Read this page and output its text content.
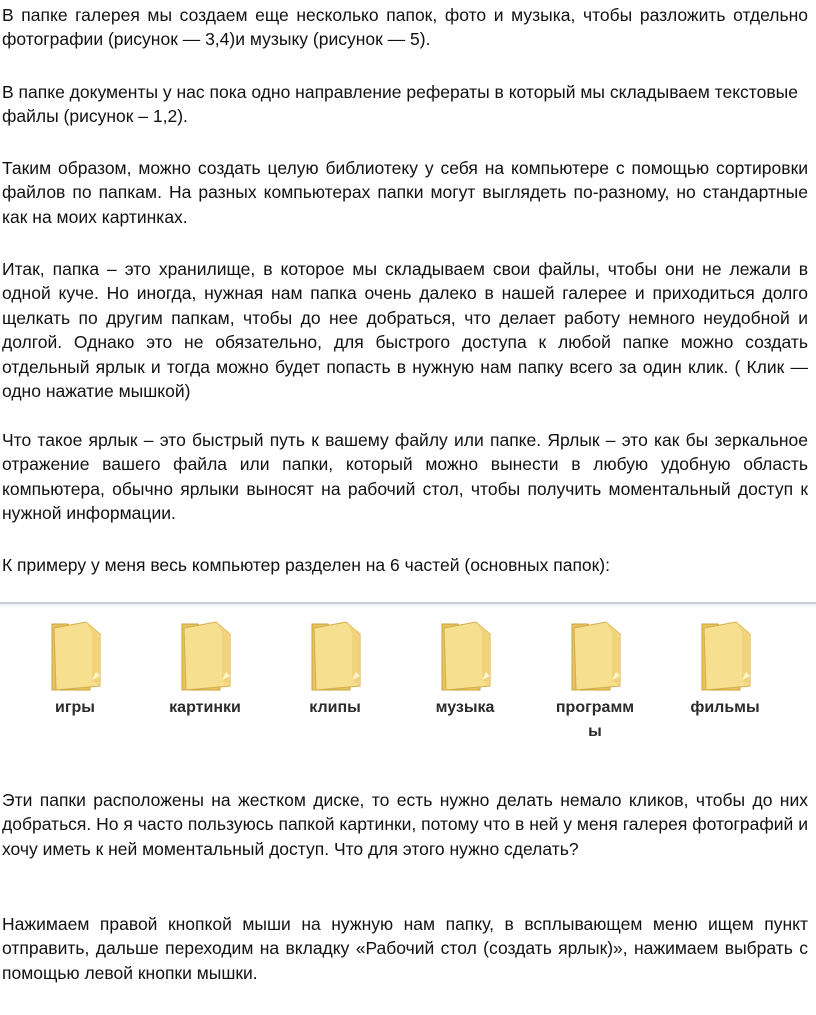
В папке галерея мы создаем еще несколько папок, фото и музыка, чтобы разложить отдельно фотографии (рисунок — 3,4)и музыку (рисунок — 5).

В папке документы у нас пока одно направление рефераты в который мы складываем текстовые файлы (рисунок – 1,2).

Таким образом, можно создать целую библиотеку у себя на компьютере с помощью сортировки файлов по папкам. На разных компьютерах папки могут выглядеть по-разному, но стандартные как на моих картинках.

Итак, папка – это хранилище, в которое мы складываем свои файлы, чтобы они не лежали в одной куче. Но иногда, нужная нам папка очень далеко в нашей галерее и приходиться долго щелкать по другим папкам, чтобы до нее добраться, что делает работу немного неудобной и долгой. Однако это не обязательно, для быстрого доступа к любой папке можно создать отдельный ярлык и тогда можно будет попасть в нужную нам папку всего за один клик. ( Клик — одно нажатие мышкой)

Что такое ярлык – это быстрый путь к вашему файлу или папке. Ярлык – это как бы зеркальное отражение вашего файла или папки, который можно вынести в любую удобную область компьютера, обычно ярлыки выносят на рабочий стол, чтобы получить моментальный доступ к нужной информации.

К примеру у меня весь компьютер разделен на 6 частей (основных папок):

игры	картинки	клипы	музыка	программы
фильмы

Эти папки расположены на жестком диске, то есть нужно делать немало кликов, чтобы до них добраться. Но я часто пользуюсь папкой картинки, потому что в ней у меня галерея фотографий и хочу иметь к ней моментальный доступ. Что для этого нужно сделать?

Нажимаем правой кнопкой мыши на нужную нам папку, в всплывающем меню ищем пункт отправить, дальше переходим на вкладку «Рабочий стол (создать ярлык)», нажимаем выбрать с помощью левой кнопки мышки.
